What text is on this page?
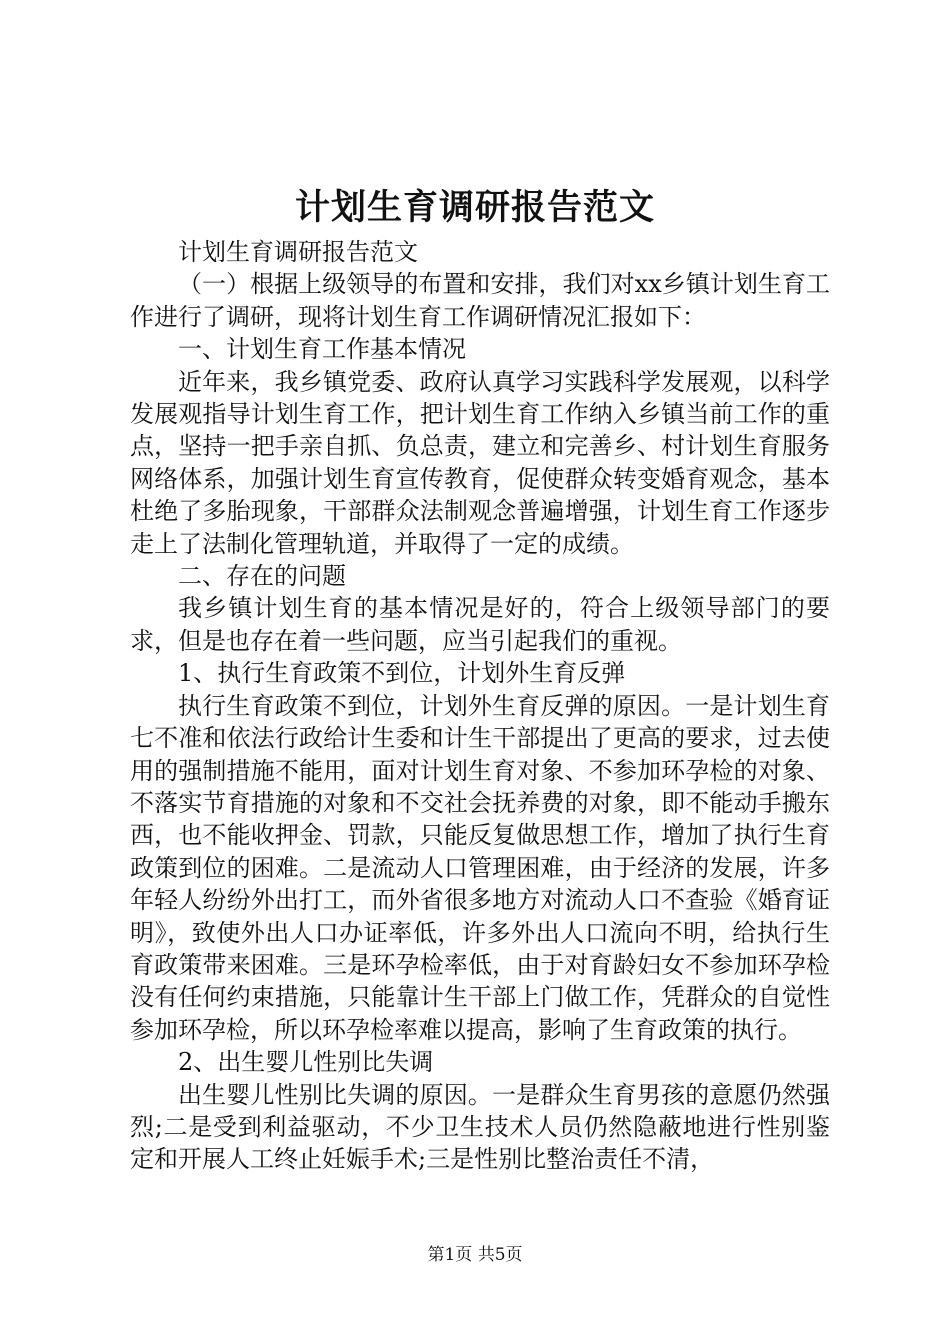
计划生育调研报告范文

计划生育调研报告范文

（一）根据上级领导的布置和安排，我们对xx乡镇计划生育工作进行了调研，现将计划生育工作调研情况汇报如下：

一、计划生育工作基本情况

近年来，我乡镇党委、政府认真学习实践科学发展观，以科学发展观指导计划生育工作，把计划生育工作纳入乡镇当前工作的重点，坚持一把手亲自抓、负总责，建立和完善乡、村计划生育服务网络体系，加强计划生育宣传教育，促使群众转变婚育观念，基本杜绝了多胎现象，干部群众法制观念普遍增强，计划生育工作逐步走上了法制化管理轨道，并取得了一定的成绩。

二、存在的问题

我乡镇计划生育的基本情况是好的，符合上级领导部门的要求，但是也存在着一些问题，应当引起我们的重视。

1、执行生育政策不到位，计划外生育反弹

执行生育政策不到位，计划外生育反弹的原因。一是计划生育七不准和依法行政给计生委和计生干部提出了更高的要求，过去使用的强制措施不能用，面对计划生育对象、不参加环孕检的对象、不落实节育措施的对象和不交社会抚养费的对象，即不能动手搬东西，也不能收押金、罚款，只能反复做思想工作，增加了执行生育政策到位的困难。二是流动人口管理困难，由于经济的发展，许多年轻人纷纷外出打工，而外省很多地方对流动人口不查验《婚育证明》，致使外出人口办证率低，许多外出人口流向不明，给执行生育政策带来困难。三是环孕检率低，由于对育龄妇女不参加环孕检没有任何约束措施，只能靠计生干部上门做工作，凭群众的自觉性参加环孕检，所以环孕检率难以提高，影响了生育政策的执行。

2、出生婴儿性别比失调

出生婴儿性别比失调的原因。一是群众生育男孩的意愿仍然强烈;二是受到利益驱动，不少卫生技术人员仍然隐蔽地进行性别鉴定和开展人工终止妊娠手术;三是性别比整治责任不清，

第1页 共5页
